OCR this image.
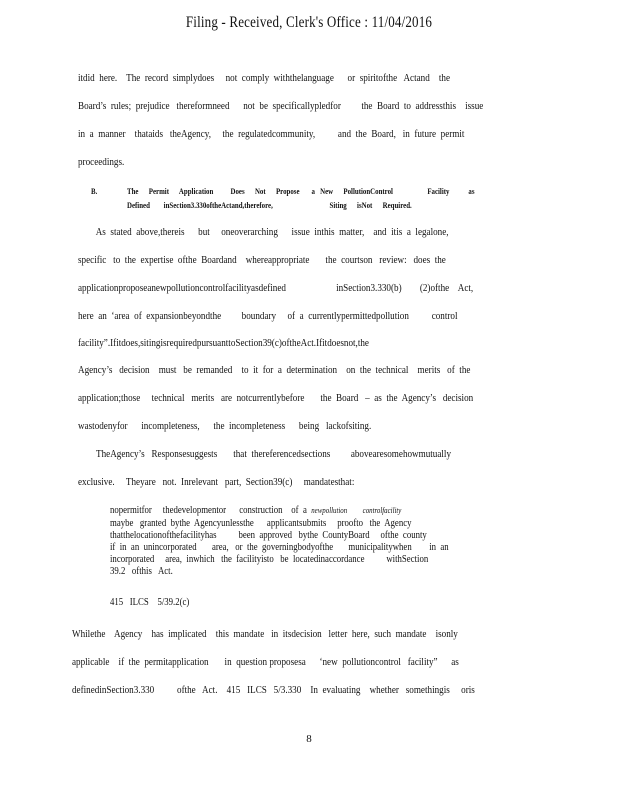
Filing - Received, Clerk's Office : 11/04/2016
itdid  here.    The  record  simplydoes     not  comply  withthelanguage      or  spiritofthe   Actand    the
Board’s  rules;  prejudice   thereformneed      not  be  specificallypledfor         the  Board  to  addressthis    issue
in  a  manner    thataids   theAgency,     the  regulatedcommunity,          and  the  Board,   in  future  permit
proceedings.
B.	The      Permit      Application          Does      Not      Propose       a   New      PollutionControl                    Facility           as
Defined        inSection3.330oftheActand,therefore,                                 Siting      isNot      Required.
As  stated  above,thereis      but     oneoverarching      issue  inthis  matter,    and  itis  a  legalone,
specific   to  the  expertise  ofthe  Boardand    whereappropriate       the  courtson   review:   does  the
applicationproposeanewpollutioncontrolfacilityasdefined                      inSection3.330(b)        (2)ofthe    Act,
here  an  ‘area  of  expansionbeyondthe         boundary     of  a  currentlypermittedpollution          control
facility”.Ifitdoes,sitingisrequiredpursuanttoSection39(c)oftheAct.Ifitdoesnot,the
Agency’s   decision    must   be  remanded    to  it  for  a  determination    on  the  technical    merits   of  the
application;those     technical   merits   are  notcurrentlybefore       the  Board   –  as  the  Agency’s   decision
wastodenyfor      incompleteness,      the  incompleteness      being   lackofsiting.
TheAgency’s   Responsesuggests       that  thereferencedsections         abovearesomehowmutually
exclusive.     Theyare   not.  Inrelevant   part,  Section39(c)     mandatesthat:
nopermitfor     thedevelopmentor      construction    of  a  newpollution         controlfacility
maybe   granted  bythe  Agencyunlessthe      applicantsubmits     proofto   the  Agency
thatthelocationofthefacilityhas          been  approved   bythe  CountyBoard     ofthe  county
if  in  an  unincorporated       area,   or  the  governingbodyofthe       municipalitywhen        in  an
incorporated     area,  inwhich   the  facilityisto   be  locatedinaccordance          withSection
39.2   ofthis   Act.
415   ILCS    5/39.2(c)
Whilethe    Agency    has  implicated    this  mandate   in  itsdecision   letter  here,  such  mandate    isonly
applicable    if  the  permitapplication       in  question proposesa      ‘new  pollutioncontrol   facility”      as
definedinSection3.330          ofthe   Act.    415   ILCS   5/3.330    In  evaluating    whether   somethingis     oris
8
